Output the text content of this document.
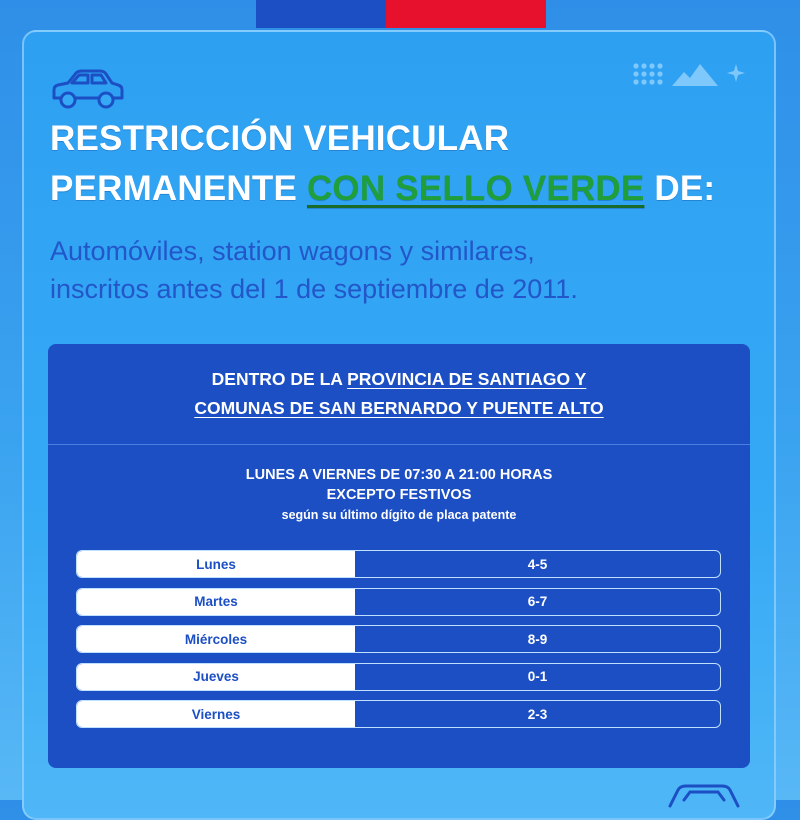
RESTRICCIÓN VEHICULAR
PERMANENTE CON SELLO VERDE DE:
Automóviles, station wagons y similares,
inscritos antes del 1 de septiembre de 2011.
DENTRO DE LA PROVINCIA DE SANTIAGO Y
COMUNAS DE SAN BERNARDO Y PUENTE ALTO
LUNES A VIERNES DE 07:30 A 21:00 HORAS
EXCEPTO FESTIVOS
según su último dígito de placa patente
Lunes	4-5
Martes	6-7
Miércoles	8-9
Jueves	0-1
Viernes	2-3
